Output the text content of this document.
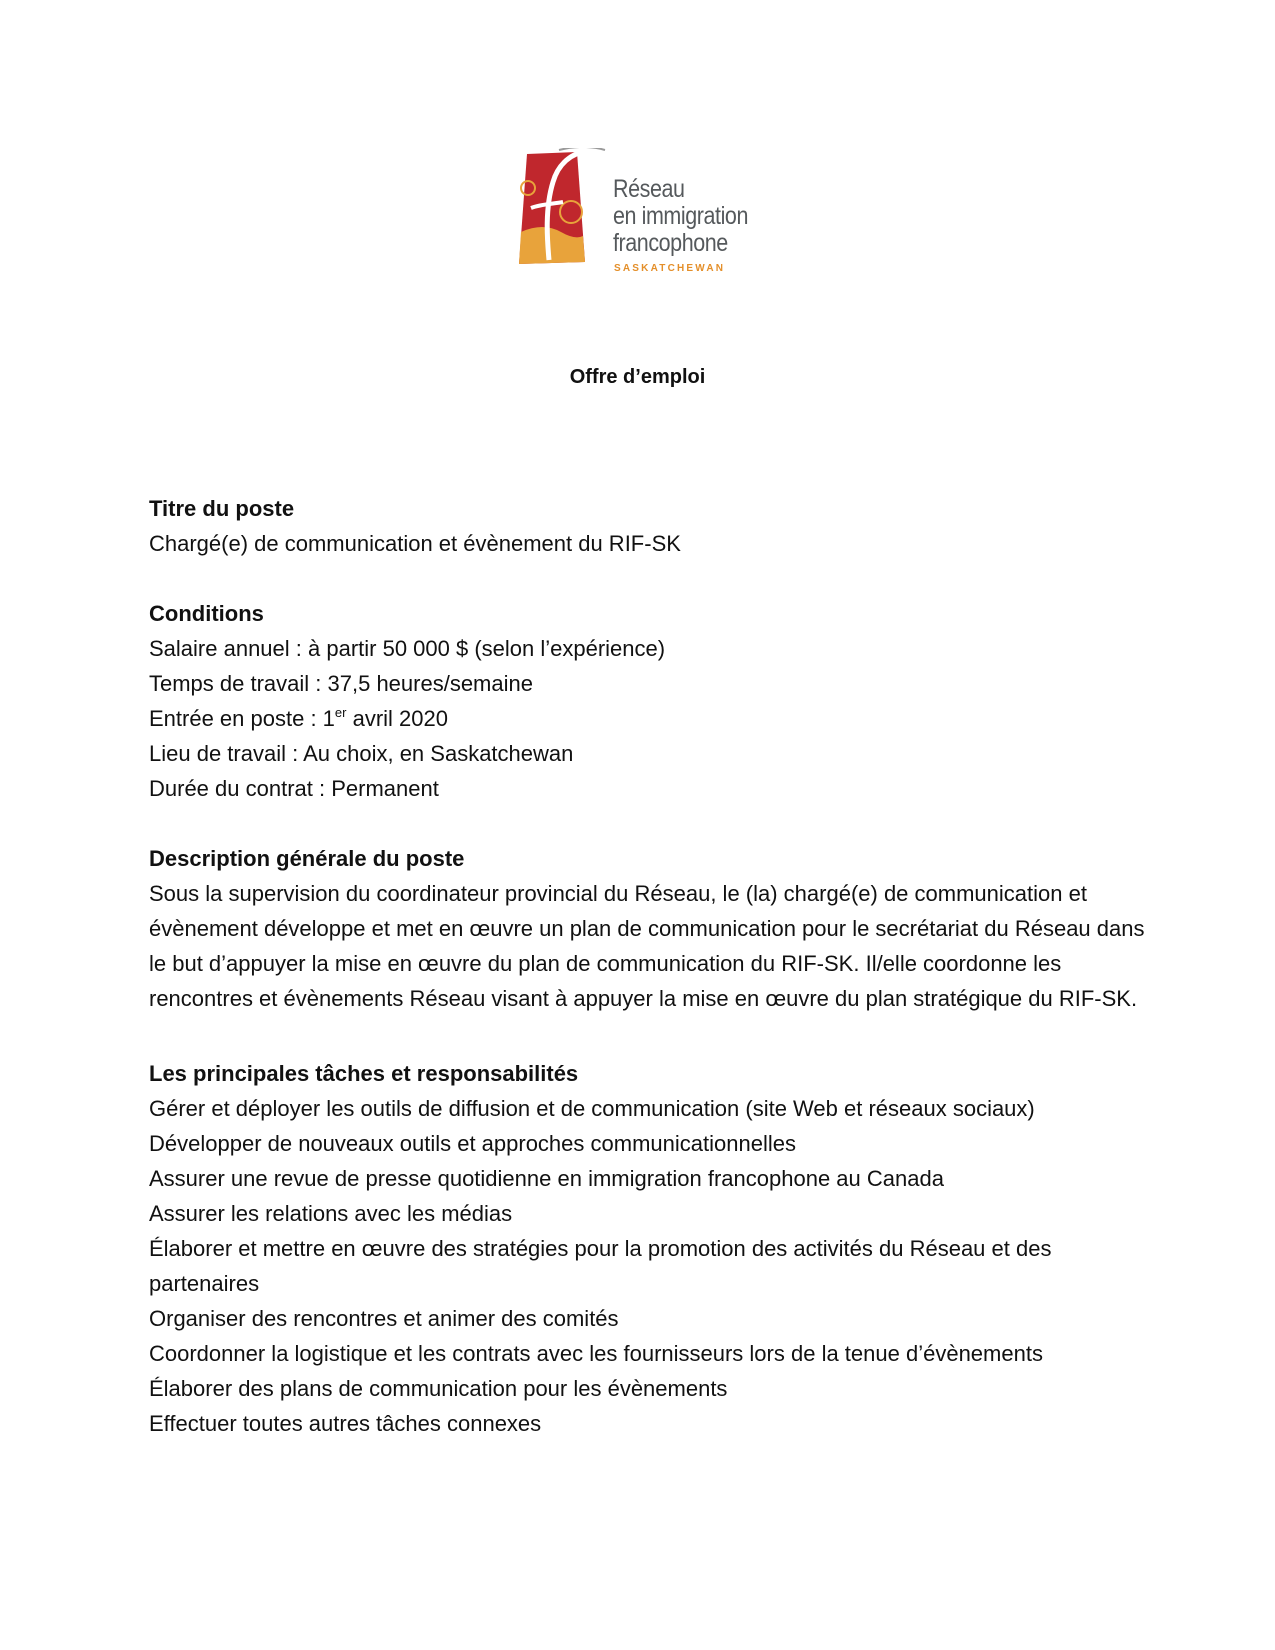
Réseau
en immigration
francophone
SASKATCHEWAN
Offre d’emploi

Titre du poste

Chargé(e) de communication et évènement du RIF-SK

Conditions

Salaire annuel : à partir 50 000 $ (selon l’expérience)

Temps de travail : 37,5 heures/semaine

Entrée en poste : 1er avril 2020

Lieu de travail : Au choix, en Saskatchewan

Durée du contrat : Permanent

Description générale du poste

Sous la supervision du coordinateur provincial du Réseau, le (la) chargé(e) de communication et évènement développe et met en œuvre un plan de communication pour le secrétariat du Réseau dans le but d’appuyer la mise en œuvre du plan de communication du RIF-SK. Il/elle coordonne les rencontres et évènements Réseau visant à appuyer la mise en œuvre du plan stratégique du RIF-SK.

Les principales tâches et responsabilités

Gérer et déployer les outils de diffusion et de communication (site Web et réseaux sociaux)

Développer de nouveaux outils et approches communicationnelles

Assurer une revue de presse quotidienne en immigration francophone au Canada

Assurer les relations avec les médias

Élaborer et mettre en œuvre des stratégies pour la promotion des activités du Réseau et des partenaires

Organiser des rencontres et animer des comités

Coordonner la logistique et les contrats avec les fournisseurs lors de la tenue d’évènements

Élaborer des plans de communication pour les évènements

Effectuer toutes autres tâches connexes
